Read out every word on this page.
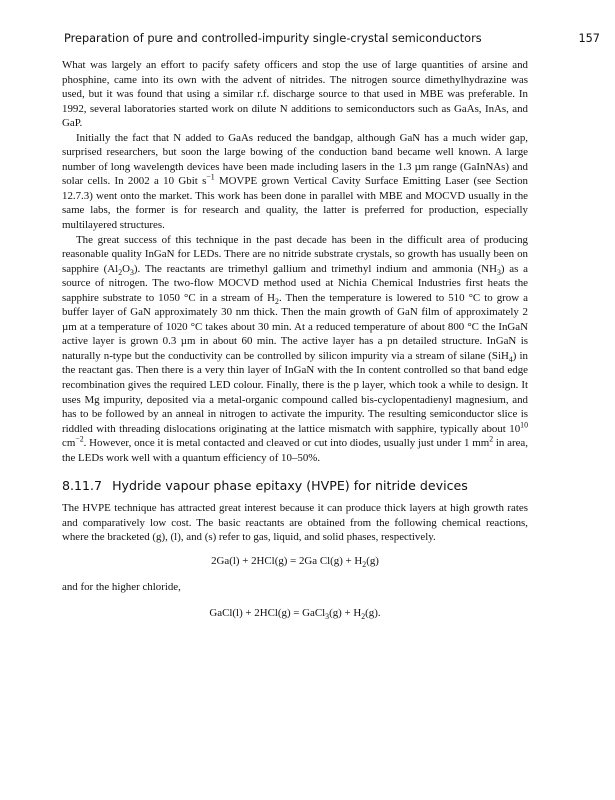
Preparation of pure and controlled-impurity single-crystal semiconductors	157

What was largely an effort to pacify safety officers and stop the use of large quantities of arsine and phosphine, came into its own with the advent of nitrides. The nitrogen source dimethylhydrazine was used, but it was found that using a similar r.f. discharge source to that used in MBE was preferable. In 1992, several laboratories started work on dilute N additions to semiconductors such as GaAs, InAs, and GaP.

Initially the fact that N added to GaAs reduced the bandgap, although GaN has a much wider gap, surprised researchers, but soon the large bowing of the conduction band became well known. A large number of long wavelength devices have been made including lasers in the 1.3 µm range (GaInNAs) and solar cells. In 2002 a 10 Gbit $s^{-1}$ MOVPE grown Vertical Cavity Surface Emitting Laser (see Section 12.7.3) went onto the market. This work has been done in parallel with MBE and MOCVD usually in the same labs, the former is for research and quality, the latter is preferred for production, especially multilayered structures.

The great success of this technique in the past decade has been in the difficult area of producing reasonable quality InGaN for LEDs. There are no nitride substrate crystals, so growth has usually been on sapphire $(Al_2O_3)$. The reactants are trimethyl gallium and trimethyl indium and ammonia $(NH_3)$ as a source of nitrogen. The two-flow MOCVD method used at Nichia Chemical Industries first heats the sapphire substrate to 1050 °C in a stream of $H_2$. Then the temperature is lowered to 510 °C to grow a buffer layer of GaN approximately 30 nm thick. Then the main growth of GaN film of approximately 2 µm at a temperature of 1020 °C takes about 30 min. At a reduced temperature of about 800 °C the InGaN active layer is grown 0.3 µm in about 60 min. The active layer has a pn detailed structure. InGaN is naturally n-type but the conductivity can be controlled by silicon impurity via a stream of silane (SiH$_4$) in the reactant gas. Then there is a very thin layer of InGaN with the In content controlled so that band edge recombination gives the required LED colour. Finally, there is the p layer, which took a while to design. It uses Mg impurity, deposited via a metal-organic compound called bis-cyclopentadienyl magnesium, and has to be followed by an anneal in nitrogen to activate the impurity. The resulting semiconductor slice is riddled with threading dislocations originating at the lattice mismatch with sapphire, typically about $10^{10}$ $cm^{-2}$. However, once it is metal contacted and cleaved or cut into diodes, usually just under 1 $mm^2$ in area, the LEDs work well with a quantum efficiency of 10–50%.

8.11.7 Hydride vapour phase epitaxy (HVPE) for nitride devices

The HVPE technique has attracted great interest because it can produce thick layers at high growth rates and comparatively low cost. The basic reactants are obtained from the following chemical reactions, where the bracketed (g), (l), and (s) refer to gas, liquid, and solid phases, respectively.

2Ga(l) + 2HCl(g) = 2Ga $Cl(g) + H_2(g)$

and for the higher chloride,

GaCl(l) + 2HCl(g) = GaCl$_3$(g) + $H_2(g)$.
